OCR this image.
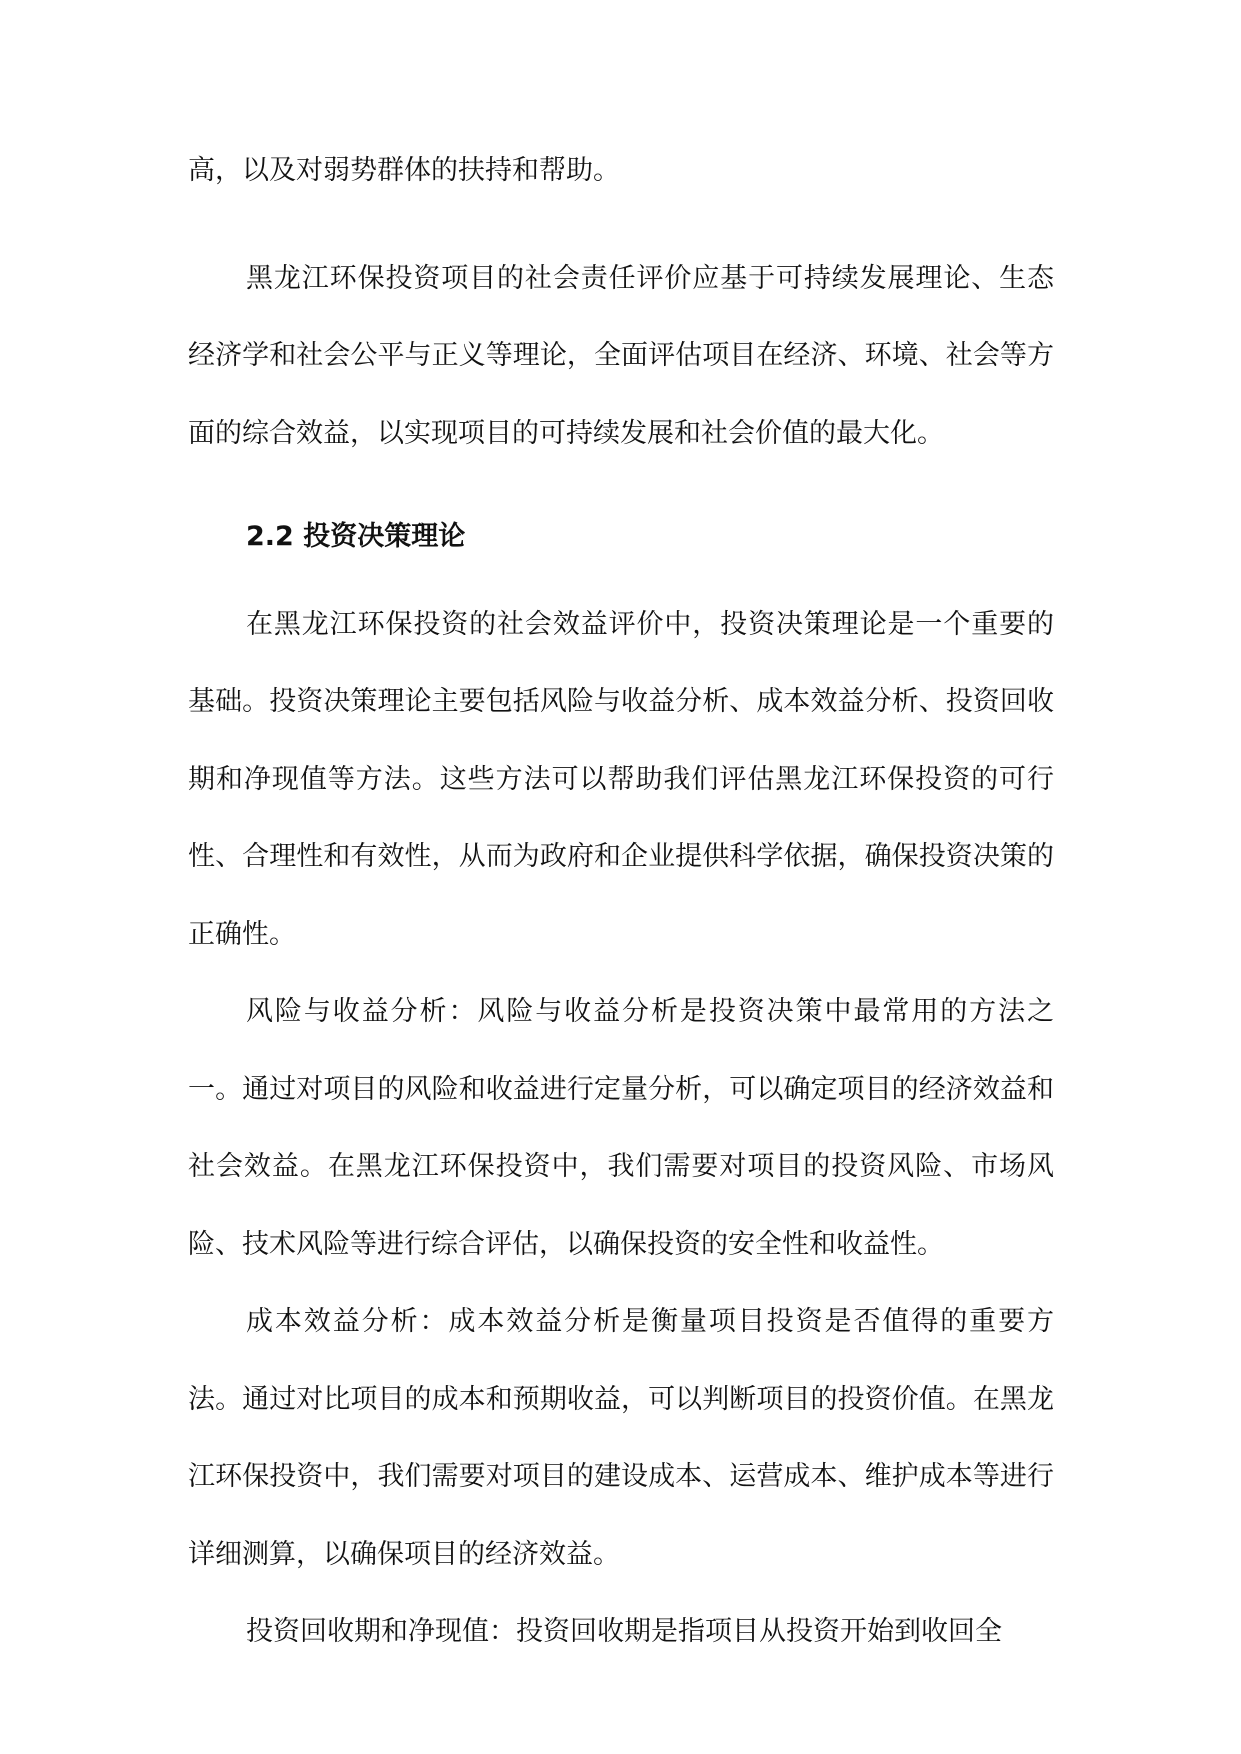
高，以及对弱势群体的扶持和帮助。

黑龙江环保投资项目的社会责任评价应基于可持续发展理论、生态经济学和社会公平与正义等理论，全面评估项目在经济、环境、社会等方面的综合效益，以实现项目的可持续发展和社会价值的最大化。

2.2 投资决策理论

在黑龙江环保投资的社会效益评价中，投资决策理论是一个重要的基础。投资决策理论主要包括风险与收益分析、成本效益分析、投资回收期和净现值等方法。这些方法可以帮助我们评估黑龙江环保投资的可行性、合理性和有效性，从而为政府和企业提供科学依据，确保投资决策的正确性。

风险与收益分析：风险与收益分析是投资决策中最常用的方法之一。通过对项目的风险和收益进行定量分析，可以确定项目的经济效益和社会效益。在黑龙江环保投资中，我们需要对项目的投资风险、市场风险、技术风险等进行综合评估，以确保投资的安全性和收益性。

成本效益分析：成本效益分析是衡量项目投资是否值得的重要方法。通过对比项目的成本和预期收益，可以判断项目的投资价值。在黑龙江环保投资中，我们需要对项目的建设成本、运营成本、维护成本等进行详细测算，以确保项目的经济效益。

投资回收期和净现值：投资回收期是指项目从投资开始到收回全
